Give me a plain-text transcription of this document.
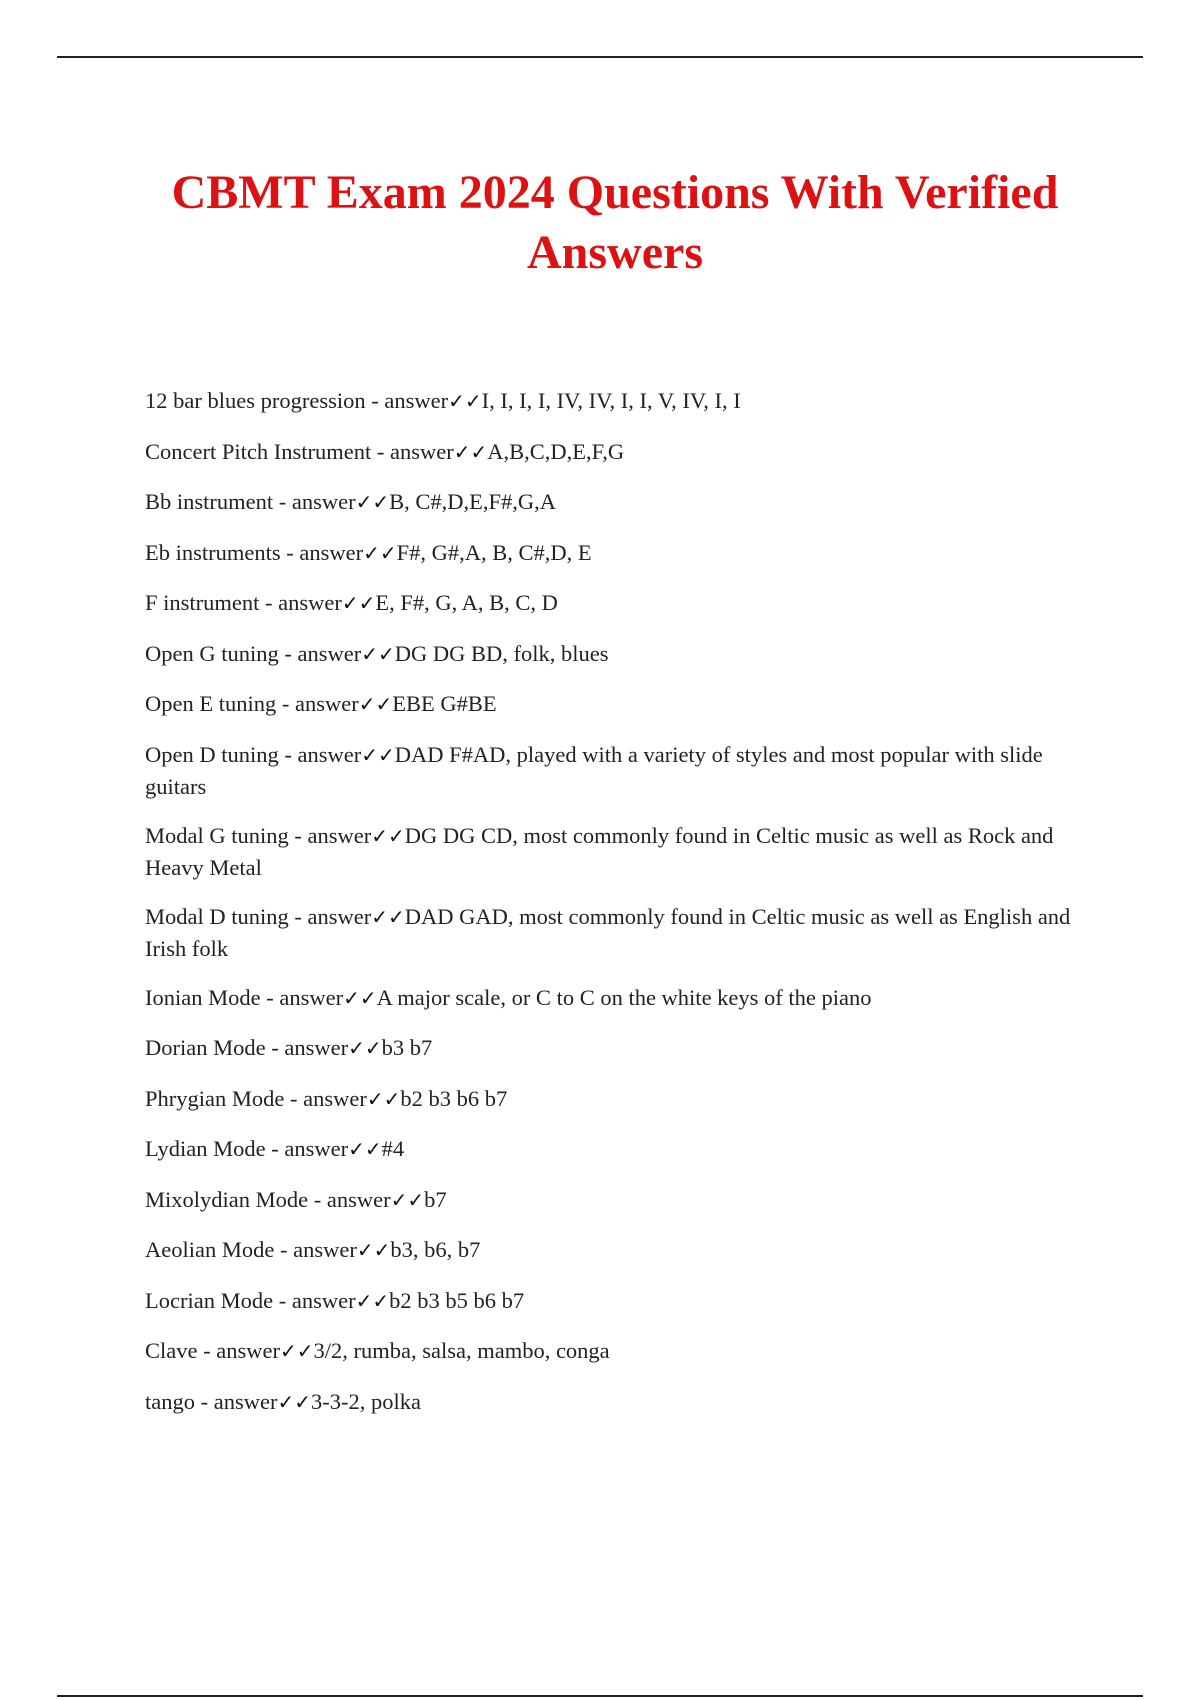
CBMT Exam 2024 Questions With Verified Answers
12 bar blues progression - answer✓✓I, I, I, I, IV, IV, I, I, V, IV, I, I
Concert Pitch Instrument - answer✓✓A,B,C,D,E,F,G
Bb instrument - answer✓✓B, C#,D,E,F#,G,A
Eb instruments - answer✓✓F#, G#,A, B, C#,D, E
F instrument - answer✓✓E, F#, G, A, B, C, D
Open G tuning - answer✓✓DG DG BD, folk, blues
Open E tuning - answer✓✓EBE G#BE
Open D tuning - answer✓✓DAD F#AD, played with a variety of styles and most popular with slide guitars
Modal G tuning - answer✓✓DG DG CD, most commonly found in Celtic music as well as Rock and Heavy Metal
Modal D tuning - answer✓✓DAD GAD, most commonly found in Celtic music as well as English and Irish folk
Ionian Mode - answer✓✓A major scale, or C to C on the white keys of the piano
Dorian Mode - answer✓✓b3 b7
Phrygian Mode - answer✓✓b2 b3 b6 b7
Lydian Mode - answer✓✓#4
Mixolydian Mode - answer✓✓b7
Aeolian Mode - answer✓✓b3, b6, b7
Locrian Mode - answer✓✓b2 b3 b5 b6 b7
Clave - answer✓✓3/2, rumba, salsa, mambo, conga
tango - answer✓✓3-3-2, polka
